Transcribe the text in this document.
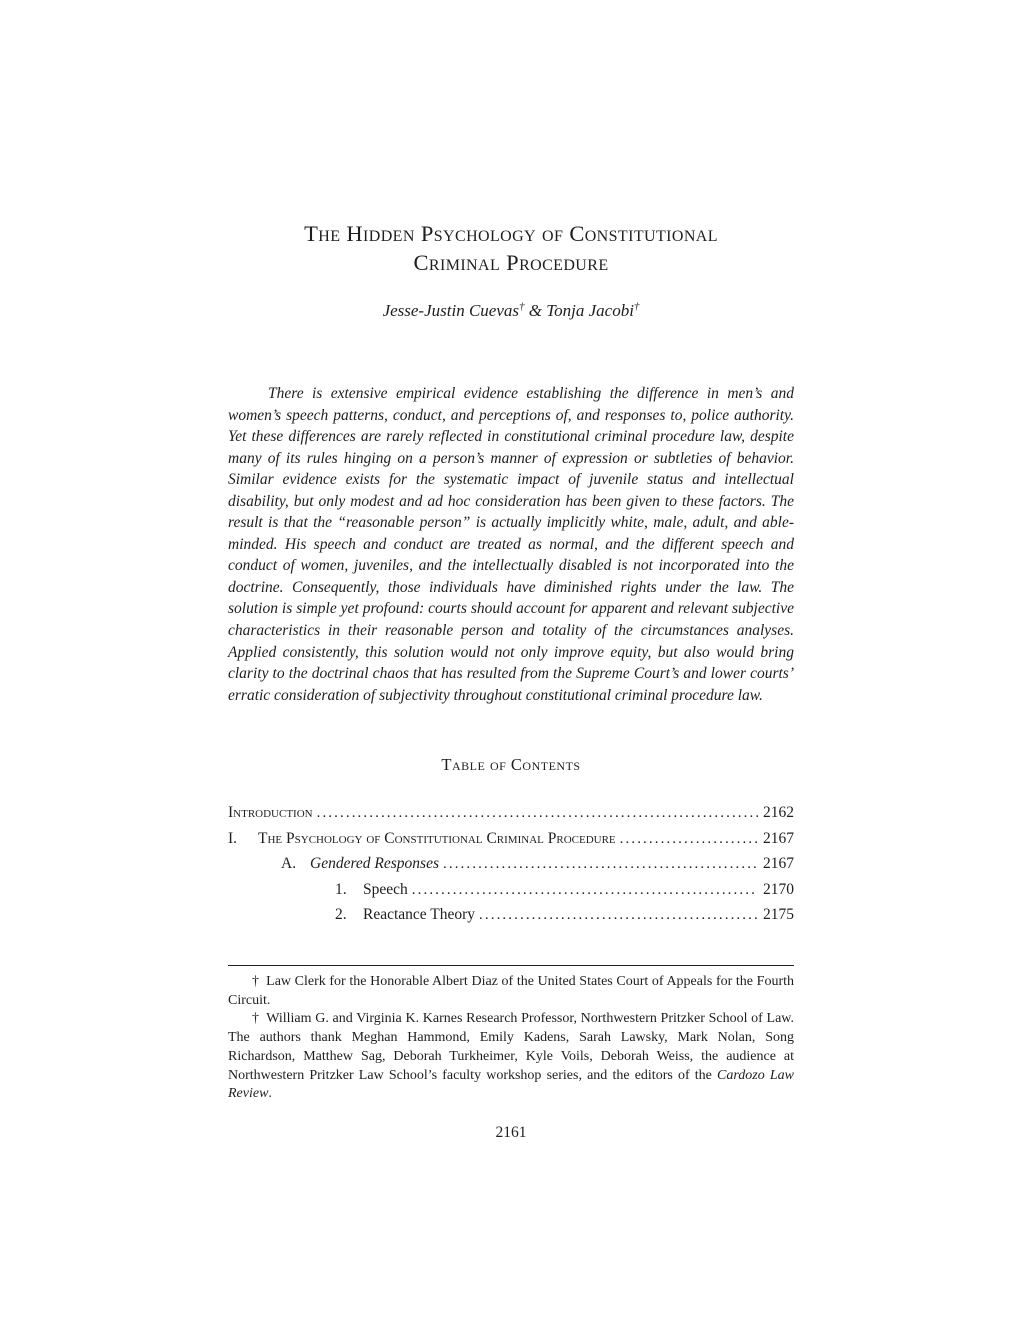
The Hidden Psychology of Constitutional
Criminal Procedure
Jesse-Justin Cuevas† & Tonja Jacobi†

There is extensive empirical evidence establishing the difference in men’s and women’s speech patterns, conduct, and perceptions of, and responses to, police authority. Yet these differences are rarely reflected in constitutional criminal procedure law, despite many of its rules hinging on a person’s manner of expression or subtleties of behavior. Similar evidence exists for the systematic impact of juvenile status and intellectual disability, but only modest and ad hoc consideration has been given to these factors. The result is that the “reasonable person” is actually implicitly white, male, adult, and able-minded. His speech and conduct are treated as normal, and the different speech and conduct of women, juveniles, and the intellectually disabled is not incorporated into the doctrine. Consequently, those individuals have diminished rights under the law. The solution is simple yet profound: courts should account for apparent and relevant subjective characteristics in their reasonable person and totality of the circumstances analyses. Applied consistently, this solution would not only improve equity, but also would bring clarity to the doctrinal chaos that has resulted from the Supreme Court’s and lower courts’ erratic consideration of subjectivity throughout constitutional criminal procedure law.

Table of Contents
Introduction .....	2162
I.	The Psychology of Constitutional Criminal Procedure .....	2167
A. Gendered Responses .....	2167
1.	Speech .....	2170
2.	Reactance Theory .....	2175

† Law Clerk for the Honorable Albert Diaz of the United States Court of Appeals for the Fourth Circuit.

† William G. and Virginia K. Karnes Research Professor, Northwestern Pritzker School of Law. The authors thank Meghan Hammond, Emily Kadens, Sarah Lawsky, Mark Nolan, Song Richardson, Matthew Sag, Deborah Turkheimer, Kyle Voils, Deborah Weiss, the audience at Northwestern Pritzker Law School’s faculty workshop series, and the editors of the Cardozo Law Review.

2161
